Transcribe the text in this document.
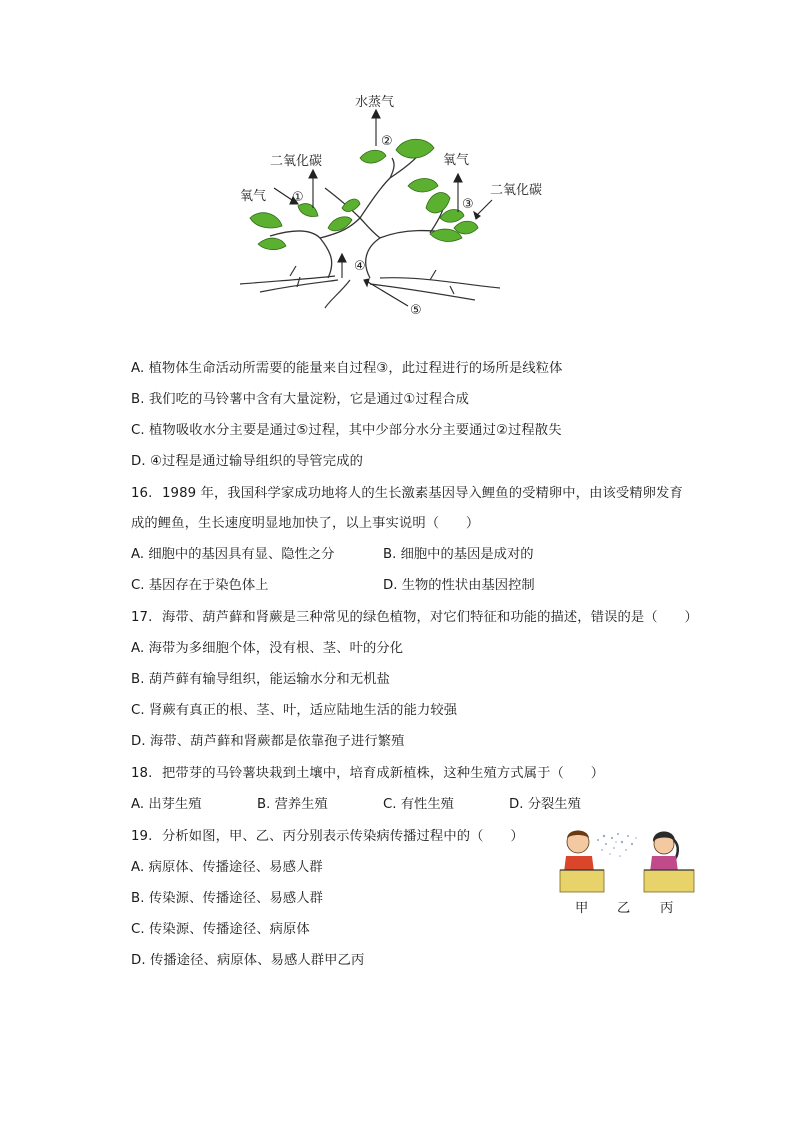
水蒸气
②
二氧化碳
①
氧气
氧气
③
二氧化碳
④
⑤
A. 植物体生命活动所需要的能量来自过程③，此过程进行的场所是线粒体
B. 我们吃的马铃薯中含有大量淀粉，它是通过①过程合成
C. 植物吸收水分主要是通过⑤过程，其中少部分水分主要通过②过程散失
D. ④过程是通过输导组织的导管完成的
16. 1989 年，我国科学家成功地将人的生长激素基因导入鲤鱼的受精卵中，由该受精卵发育
成的鲤鱼，生长速度明显地加快了，以上事实说明（　　）
A. 细胞中的基因具有显、隐性之分	B. 细胞中的基因是成对的
C. 基因存在于染色体上	D. 生物的性状由基因控制
17. 海带、葫芦藓和肾蕨是三种常见的绿色植物，对它们特征和功能的描述，错误的是（　　）
A. 海带为多细胞个体，没有根、茎、叶的分化
B. 葫芦藓有输导组织，能运输水分和无机盐
C. 肾蕨有真正的根、茎、叶，适应陆地生活的能力较强
D. 海带、葫芦藓和肾蕨都是依靠孢子进行繁殖
18. 把带芽的马铃薯块栽到土壤中，培育成新植株，这种生殖方式属于（　　）
A. 出芽生殖	B. 营养生殖	C. 有性生殖	D. 分裂生殖
19. 分析如图，甲、乙、丙分别表示传染病传播过程中的（　　）
A. 病原体、传播途径、易感人群
B. 传染源、传播途径、易感人群
C. 传染源、传播途径、病原体
D. 传播途径、病原体、易感人群甲乙丙
甲 乙 丙
